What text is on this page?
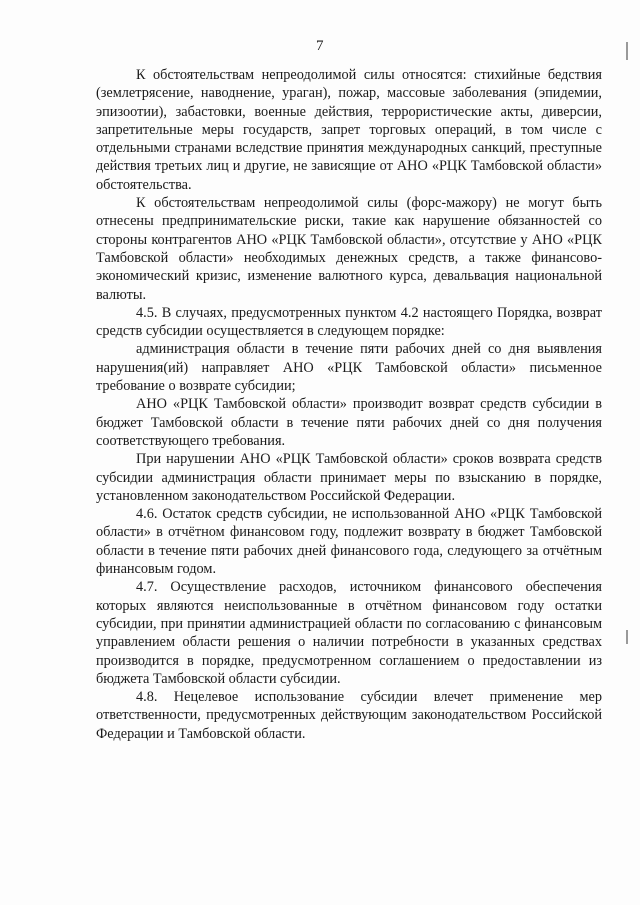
7

К обстоятельствам непреодолимой силы относятся: стихийные бедствия (землетрясение, наводнение, ураган), пожар, массовые заболевания (эпидемии, эпизоотии), забастовки, военные действия, террористические акты, диверсии, запретительные меры государств, запрет торговых операций, в том числе с отдельными странами вследствие принятия международных санкций, преступные действия третьих лиц и другие, не зависящие от АНО «РЦК Тамбовской области» обстоятельства.

К обстоятельствам непреодолимой силы (форс-мажору) не могут быть отнесены предпринимательские риски, такие как нарушение обязанностей со стороны контрагентов АНО «РЦК Тамбовской области», отсутствие у АНО «РЦК Тамбовской области» необходимых денежных средств, а также финансово-экономический кризис, изменение валютного курса, девальвация национальной валюты.

4.5. В случаях, предусмотренных пунктом 4.2 настоящего Порядка, возврат средств субсидии осуществляется в следующем порядке:

администрация области в течение пяти рабочих дней со дня выявления нарушения(ий) направляет АНО «РЦК Тамбовской области» письменное требование о возврате субсидии;

АНО «РЦК Тамбовской области» производит возврат средств субсидии в бюджет Тамбовской области в течение пяти рабочих дней со дня получения соответствующего требования.

При нарушении АНО «РЦК Тамбовской области» сроков возврата средств субсидии администрация области принимает меры по взысканию в порядке, установленном законодательством Российской Федерации.

4.6. Остаток средств субсидии, не использованной АНО «РЦК Тамбовской области» в отчётном финансовом году, подлежит возврату в бюджет Тамбовской области в течение пяти рабочих дней финансового года, следующего за отчётным финансовым годом.

4.7. Осуществление расходов, источником финансового обеспечения которых являются неиспользованные в отчётном финансовом году остатки субсидии, при принятии администрацией области по согласованию с финансовым управлением области решения о наличии потребности в указанных средствах производится в порядке, предусмотренном соглашением о предоставлении из бюджета Тамбовской области субсидии.

4.8. Нецелевое использование субсидии влечет применение мер ответственности, предусмотренных действующим законодательством Российской Федерации и Тамбовской области.
